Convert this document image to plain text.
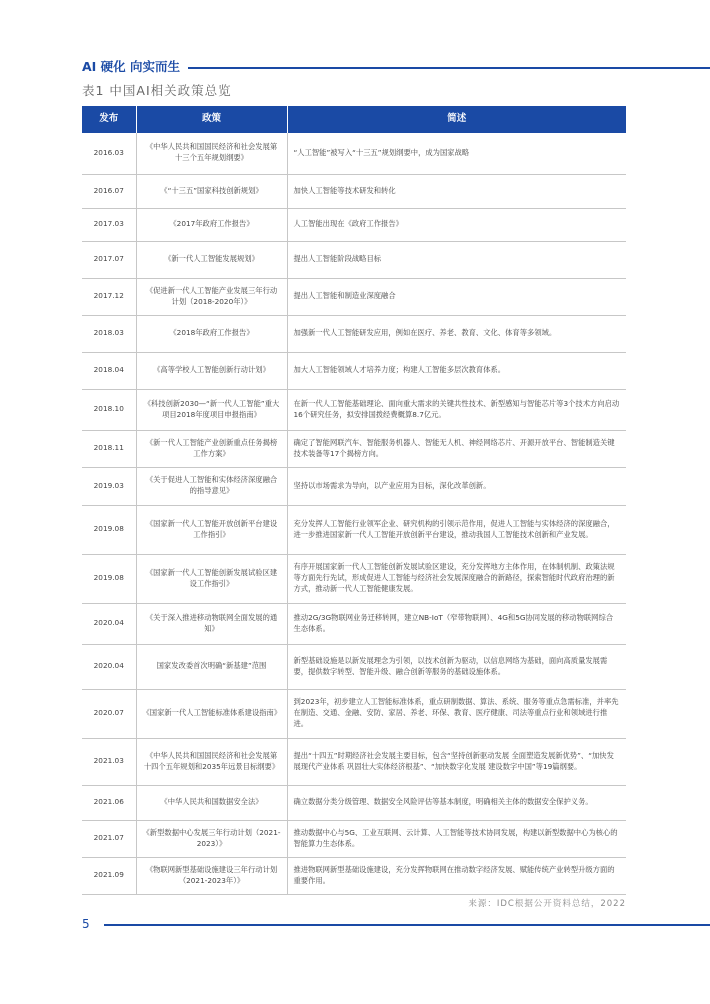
AI 硬化 向实而生
表1 中国AI相关政策总览
发布	政策	简述
2016.03	《中华人民共和国国民经济和社会发展第十三个五年规划纲要》	“人工智能”被写入“十三五”规划纲要中，成为国家战略
2016.07	《“十三五”国家科技创新规划》	加快人工智能等技术研发和转化
2017.03	《2017年政府工作报告》	人工智能出现在《政府工作报告》
2017.07	《新一代人工智能发展规划》	提出人工智能阶段战略目标
2017.12	《促进新一代人工智能产业发展三年行动计划（2018-2020年）》	提出人工智能和制造业深度融合
2018.03	《2018年政府工作报告》	加强新一代人工智能研发应用，例如在医疗、养老、教育、文化、体育等多领域。
2018.04	《高等学校人工智能创新行动计划》	加大人工智能领域人才培养力度；构建人工智能多层次教育体系。
2018.10	《科技创新2030—“新一代人工智能”重大项目2018年度项目申报指南》	在新一代人工智能基础理论、面向重大需求的关键共性技术、新型感知与智能芯片等3个技术方向启动16个研究任务，拟安排国拨经费概算8.7亿元。
2018.11	《新一代人工智能产业创新重点任务揭榜工作方案》	确定了智能网联汽车、智能服务机器人、智能无人机、神经网络芯片、开源开放平台、智能制造关键技术装备等17个揭榜方向。
2019.03	《关于促进人工智能和实体经济深度融合的指导意见》	坚持以市场需求为导向，以产业应用为目标，深化改革创新。
2019.08	《国家新一代人工智能开放创新平台建设工作指引》	充分发挥人工智能行业领军企业、研究机构的引领示范作用，促进人工智能与实体经济的深度融合，进一步推进国家新一代人工智能开放创新平台建设，推动我国人工智能技术创新和产业发展。
2019.08	《国家新一代人工智能创新发展试验区建设工作指引》	有序开展国家新一代人工智能创新发展试验区建设，充分发挥地方主体作用，在体制机制、政策法规等方面先行先试，形成促进人工智能与经济社会发展深度融合的新路径，探索智能时代政府治理的新方式，推动新一代人工智能健康发展。
2020.04	《关于深入推进移动物联网全面发展的通知》	推动2G/3G物联网业务迁移转网，建立NB-IoT（窄带物联网）、4G和5G协同发展的移动物联网综合生态体系。
2020.04	国家发改委首次明确“新基建”范围	新型基础设施是以新发展理念为引领，以技术创新为驱动，以信息网络为基础，面向高质量发展需要，提供数字转型、智能升级、融合创新等服务的基础设施体系。
2020.07	《国家新一代人工智能标准体系建设指南》	到2023年，初步建立人工智能标准体系，重点研制数据、算法、系统、服务等重点急需标准，并率先在制造、交通、金融、安防、家居、养老、环保、教育、医疗健康、司法等重点行业和领域进行推进。
2021.03	《中华人民共和国国民经济和社会发展第十四个五年规划和2035年远景目标纲要》	提出“十四五”时期经济社会发展主要目标，包含“坚持创新驱动发展 全面塑造发展新优势”、“加快发展现代产业体系 巩固壮大实体经济根基”、“加快数字化发展 建设数字中国”等19篇纲要。
2021.06	《中华人民共和国数据安全法》	确立数据分类分级管理、数据安全风险评估等基本制度，明确相关主体的数据安全保护义务。
2021.07	《新型数据中心发展三年行动计划（2021-2023）》	推动数据中心与5G、工业互联网、云计算、人工智能等技术协同发展，构建以新型数据中心为核心的智能算力生态体系。
2021.09	《物联网新型基础设施建设三年行动计划（2021-2023年）》	推进物联网新型基础设施建设，充分发挥物联网在推动数字经济发展、赋能传统产业转型升级方面的重要作用。
来源：IDC根据公开资料总结，2022
5
